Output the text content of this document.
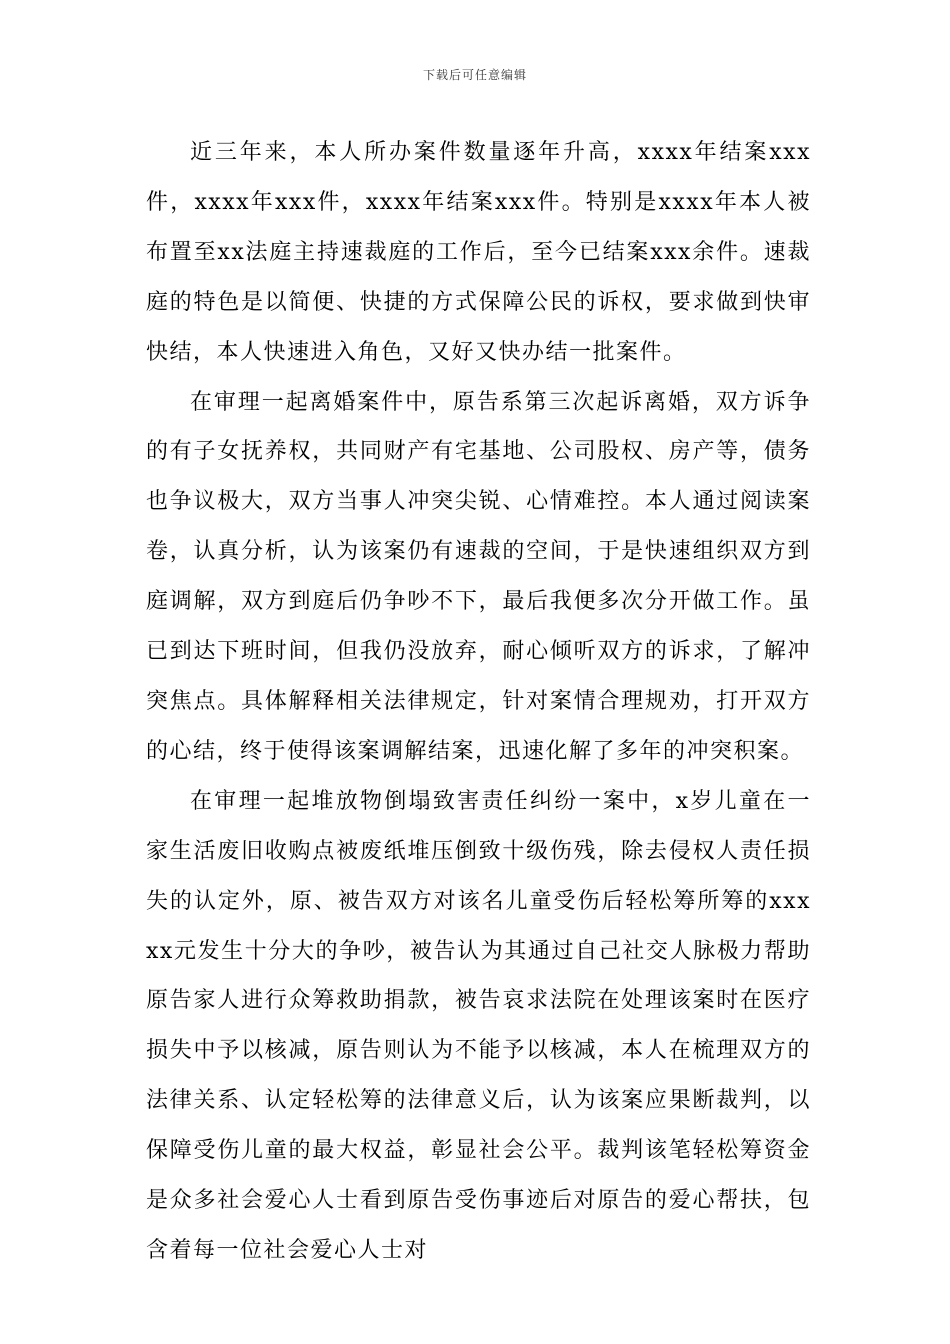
下载后可任意编辑

近三年来，本人所办案件数量逐年升高，xxxx年结案xxx件，xxxx年xxx件，xxxx年结案xxx件。特别是xxxx年本人被布置至xx法庭主持速裁庭的工作后，至今已结案xxx余件。速裁庭的特色是以简便、快捷的方式保障公民的诉权，要求做到快审快结，本人快速进入角色，又好又快办结一批案件。

在审理一起离婚案件中，原告系第三次起诉离婚，双方诉争的有子女抚养权，共同财产有宅基地、公司股权、房产等，债务也争议极大，双方当事人冲突尖锐、心情难控。本人通过阅读案卷，认真分析，认为该案仍有速裁的空间，于是快速组织双方到庭调解，双方到庭后仍争吵不下，最后我便多次分开做工作。虽已到达下班时间，但我仍没放弃，耐心倾听双方的诉求，了解冲突焦点。具体解释相关法律规定，针对案情合理规劝，打开双方的心结，终于使得该案调解结案，迅速化解了多年的冲突积案。

在审理一起堆放物倒塌致害责任纠纷一案中，x岁儿童在一家生活废旧收购点被废纸堆压倒致十级伤残，除去侵权人责任损失的认定外，原、被告双方对该名儿童受伤后轻松筹所筹的xxxxx元发生十分大的争吵，被告认为其通过自己社交人脉极力帮助原告家人进行众筹救助捐款，被告哀求法院在处理该案时在医疗损失中予以核减，原告则认为不能予以核减，本人在梳理双方的法律关系、认定轻松筹的法律意义后，认为该案应果断裁判，以保障受伤儿童的最大权益，彰显社会公平。裁判该笔轻松筹资金是众多社会爱心人士看到原告受伤事迹后对原告的爱心帮扶，包含着每一位社会爱心人士对
